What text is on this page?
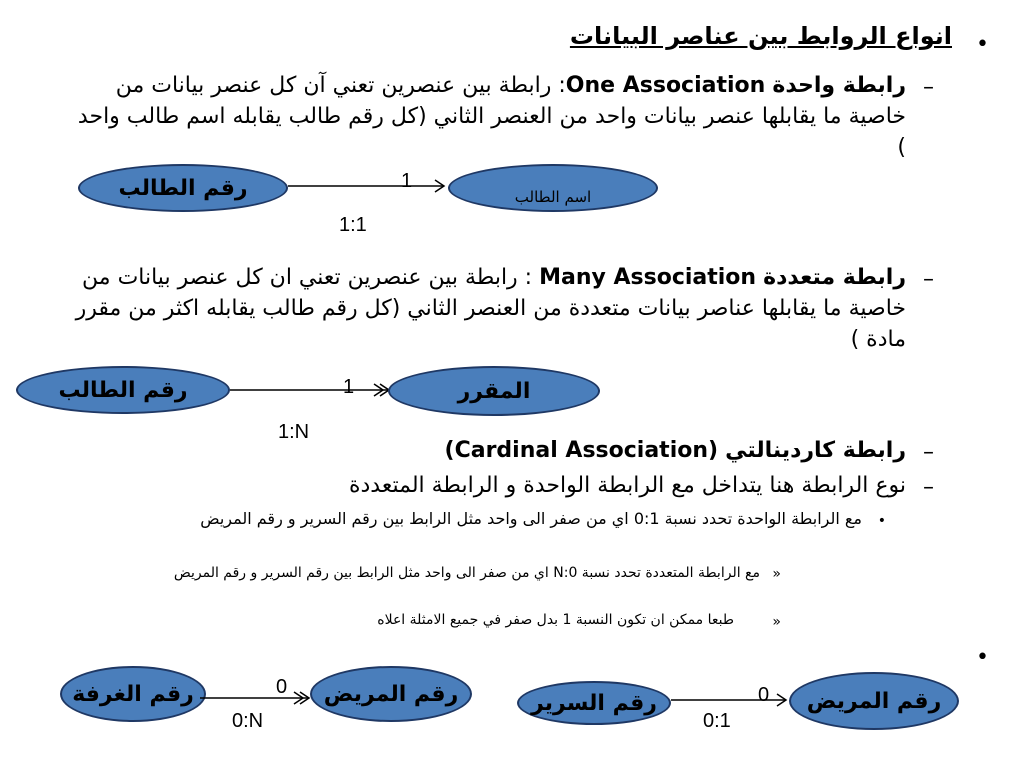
•
انواع الروابط بين عناصر البيانات
–
رابطة واحدة One Association: رابطة بين عنصرين تعني آن كل عنصر بيانات من خاصية ما يقابلها عنصر بيانات واحد من العنصر الثاني (كل رقم طالب يقابله اسم طالب واحد )
رقم الطالب	1
اسم الطالب
1:1
–
رابطة متعددة Many Association : رابطة بين عنصرين تعني ان كل عنصر بيانات من خاصية ما يقابلها عناصر بيانات متعددة من العنصر الثاني (كل رقم طالب يقابله اكثر من مقرر مادة )
رقم الطالب	1	المقرر
1:N
–
رابطة كاردينالتي (Cardinal Association)
–
نوع الرابطة هنا يتداخل مع الرابطة الواحدة و الرابطة المتعددة
•
مع الرابطة الواحدة تحدد نسبة 0:1 اي من صفر الى واحد مثل الرابط بين رقم السرير و رقم المريض
»
مع الرابطة المتعددة تحدد نسبة 0:N اي من صفر الى واحد مثل الرابط بين رقم السرير و رقم المريض
»
طبعا ممكن ان تكون النسبة 1 بدل صفر في جميع الامثلة اعلاه
•
رقم الغرفة	0	رقم المريض
0:N
رقم السرير	0	رقم المريض
0:1
